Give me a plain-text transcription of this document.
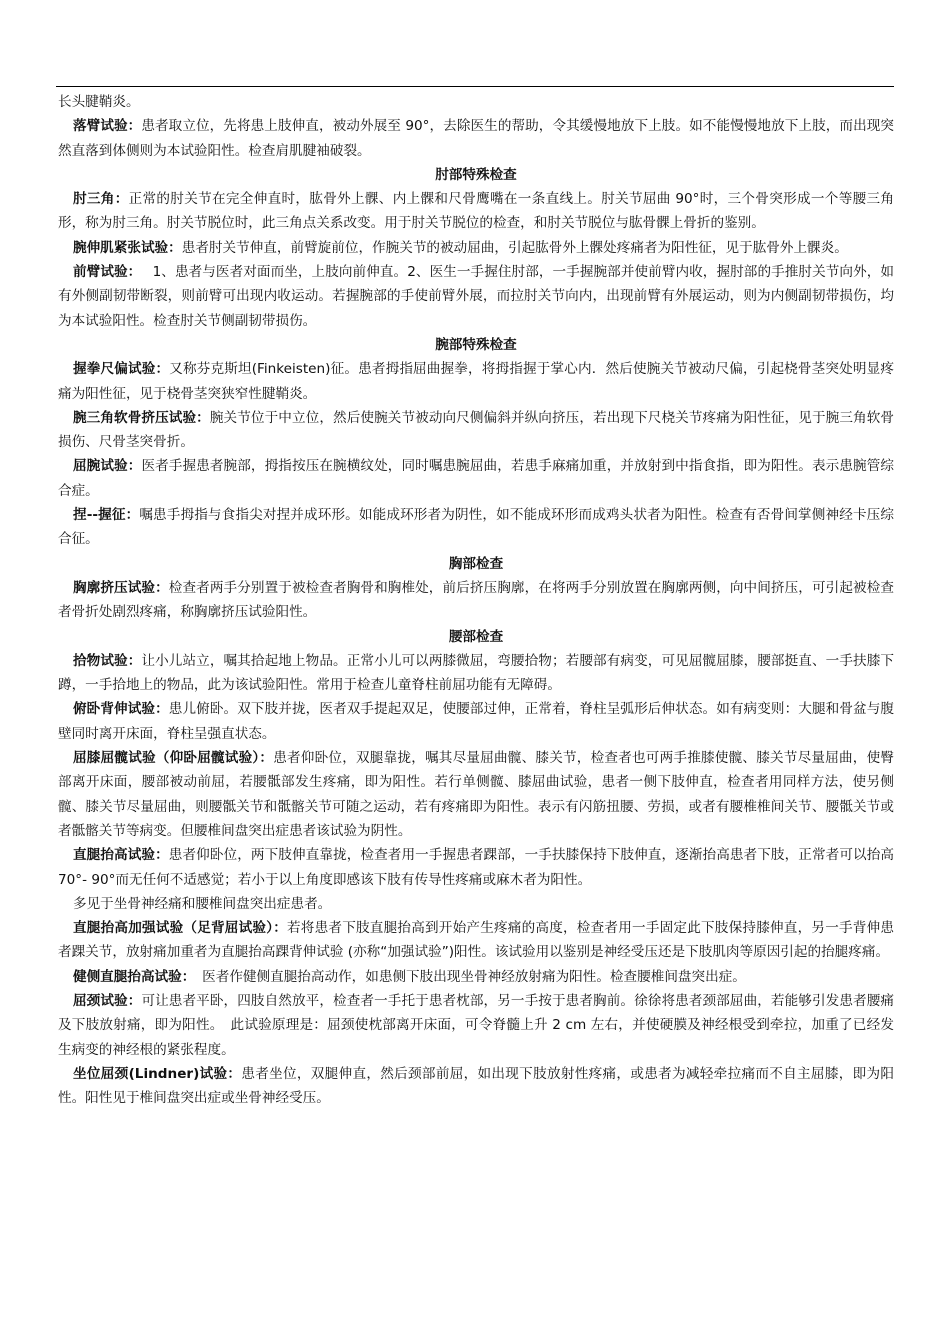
长头腱鞘炎。

落臂试验：患者取立位，先将患上肢伸直，被动外展至 90°，去除医生的帮助，令其缓慢地放下上肢。如不能慢慢地放下上肢，而出现突然直落到体侧则为本试验阳性。检查肩肌腱袖破裂。

肘部特殊检查

肘三角：正常的肘关节在完全伸直时，肱骨外上髁、内上髁和尺骨鹰嘴在一条直线上。肘关节屈曲 90°时，三个骨突形成一个等腰三角形，称为肘三角。肘关节脱位时，此三角点关系改变。用于肘关节脱位的检查，和肘关节脱位与肱骨髁上骨折的鉴别。

腕伸肌紧张试验：患者肘关节伸直，前臂旋前位，作腕关节的被动屈曲，引起肱骨外上髁处疼痛者为阳性征，见于肱骨外上髁炎。

前臂试验：　 1、患者与医者对面而坐，上肢向前伸直。2、医生一手握住肘部，一手握腕部并使前臂内收，握肘部的手推肘关节向外，如有外侧副韧带断裂，则前臂可出现内收运动。若握腕部的手使前臂外展，而拉肘关节向内，出现前臂有外展运动，则为内侧副韧带损伤，均为本试验阳性。检查肘关节侧副韧带损伤。

腕部特殊检查

握拳尺偏试验：又称芬克斯坦(Finkeisten)征。患者拇指屈曲握拳，将拇指握于掌心内．然后使腕关节被动尺偏，引起桡骨茎突处明显疼痛为阳性征，见于桡骨茎突狭窄性腱鞘炎。

腕三角软骨挤压试验：腕关节位于中立位，然后使腕关节被动向尺侧偏斜并纵向挤压，若出现下尺桡关节疼痛为阳性征，见于腕三角软骨损伤、尺骨茎突骨折。

屈腕试验：医者手握患者腕部，拇指按压在腕横纹处，同时嘱患腕屈曲，若患手麻痛加重，并放射到中指食指，即为阳性。表示患腕管综合症。

捏--握征：嘱患手拇指与食指尖对捏并成环形。如能成环形者为阴性，如不能成环形而成鸡头状者为阳性。检查有否骨间掌侧神经卡压综合征。

胸部检查

胸廓挤压试验：检查者两手分别置于被检查者胸骨和胸椎处，前后挤压胸廓，在将两手分别放置在胸廓两侧，向中间挤压，可引起被检查者骨折处剧烈疼痛，称胸廓挤压试验阳性。

腰部检查

拾物试验：让小儿站立，嘱其拾起地上物品。正常小儿可以两膝微屈，弯腰拾物；若腰部有病变，可见屈髋屈膝，腰部挺直、一手扶膝下蹲，一手拾地上的物品，此为该试验阳性。常用于检查儿童脊柱前屈功能有无障碍。

俯卧背伸试验：患儿俯卧。双下肢并拢，医者双手提起双足，使腰部过伸，正常着，脊柱呈弧形后伸状态。如有病变则：大腿和骨盆与腹壁同时离开床面，脊柱呈强直状态。

屈膝屈髋试验（仰卧屈髋试验）：患者仰卧位，双腿靠拢，嘱其尽量屈曲髋、膝关节，检查者也可两手推膝使髋、膝关节尽量屈曲，使臀部离开床面，腰部被动前屈，若腰骶部发生疼痛，即为阳性。若行单侧髋、膝屈曲试验，患者一侧下肢伸直，检查者用同样方法，使另侧髋、膝关节尽量屈曲，则腰骶关节和骶髂关节可随之运动，若有疼痛即为阳性。表示有闪筋扭腰、劳损，或者有腰椎椎间关节、腰骶关节或者骶髂关节等病变。但腰椎间盘突出症患者该试验为阴性。

直腿抬高试验：患者仰卧位，两下肢伸直靠拢，检查者用一手握患者踝部，一手扶膝保持下肢伸直，逐渐抬高患者下肢，正常者可以抬高 70°- 90°而无任何不适感觉；若小于以上角度即感该下肢有传导性疼痛或麻木者为阳性。

多见于坐骨神经痛和腰椎间盘突出症患者。

直腿抬高加强试验（足背屈试验）：若将患者下肢直腿抬高到开始产生疼痛的高度，检查者用一手固定此下肢保持膝伸直，另一手背伸患者踝关节，放射痛加重者为直腿抬高踝背伸试验 (亦称“加强试验”)阳性。该试验用以鉴别是神经受压还是下肢肌肉等原因引起的抬腿疼痛。

健侧直腿抬高试验：　医者作健侧直腿抬高动作，如患侧下肢出现坐骨神经放射痛为阳性。检查腰椎间盘突出症。

屈颈试验：可让患者平卧，四肢自然放平，检查者一手托于患者枕部，另一手按于患者胸前。徐徐将患者颈部屈曲，若能够引发患者腰痛及下肢放射痛，即为阳性。　此试验原理是：屈颈使枕部离开床面，可令脊髓上升 2 cm 左右，并使硬膜及神经根受到牵拉，加重了已经发生病变的神经根的紧张程度。

坐位屈颈(Lindner)试验：患者坐位，双腿伸直，然后颈部前屈，如出现下肢放射性疼痛，或患者为减轻牵拉痛而不自主屈膝，即为阳性。阳性见于椎间盘突出症或坐骨神经受压。
